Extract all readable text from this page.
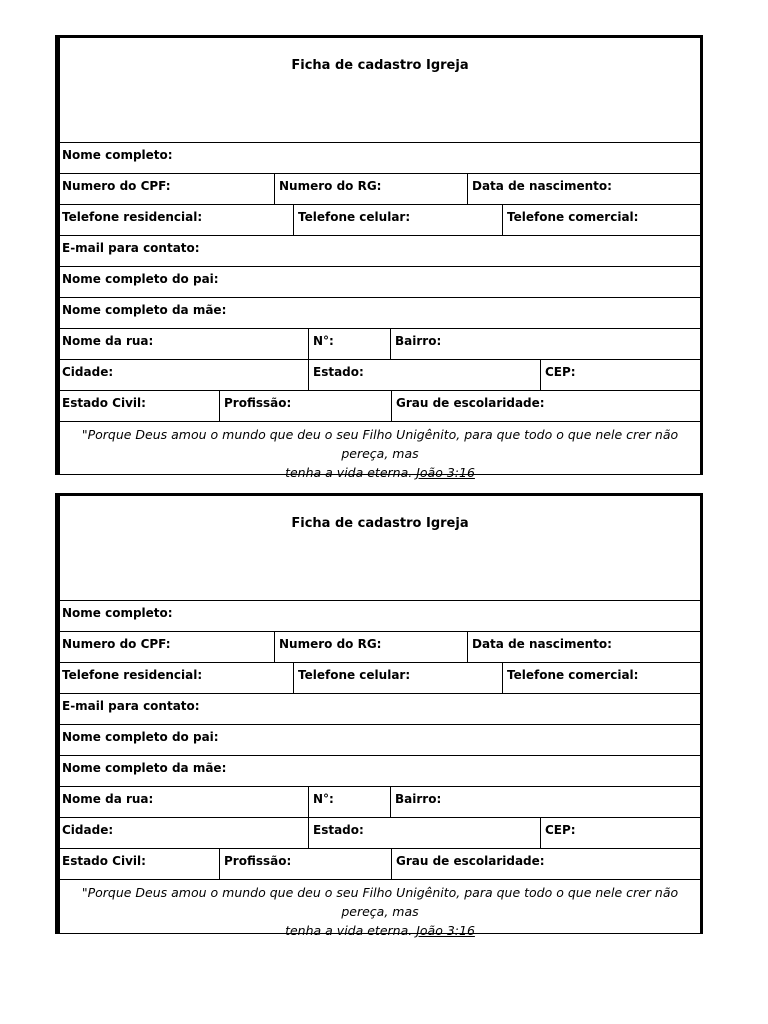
Ficha de cadastro Igreja
Nome completo:
Numero do CPF:	Numero do RG:	Data de nascimento:
Telefone residencial:	Telefone celular:	Telefone comercial:
E-mail para contato:
Nome completo do pai:
Nome completo da mãe:
Nome da rua:	N°:	Bairro:
Cidade:	Estado:	CEP:
Estado Civil:	Profissão:	Grau de escolaridade:
"Porque Deus amou o mundo que deu o seu Filho Unigênito, para que todo o que nele crer não pereça, mas
tenha a vida eterna. João 3:16
Ficha de cadastro Igreja
Nome completo:
Numero do CPF:	Numero do RG:	Data de nascimento:
Telefone residencial:	Telefone celular:	Telefone comercial:
E-mail para contato:
Nome completo do pai:
Nome completo da mãe:
Nome da rua:	N°:	Bairro:
Cidade:	Estado:	CEP:
Estado Civil:	Profissão:	Grau de escolaridade:
"Porque Deus amou o mundo que deu o seu Filho Unigênito, para que todo o que nele crer não pereça, mas
tenha a vida eterna. João 3:16
